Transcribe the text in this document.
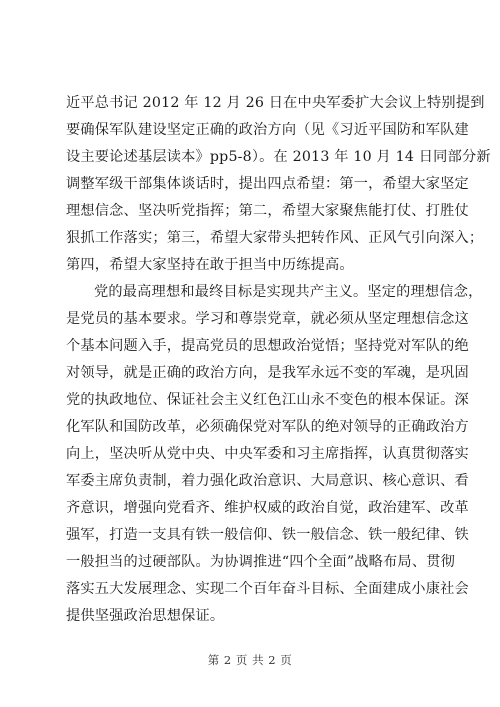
近平总书记 2012 年 12 月 26 日在中央军委扩大会议上特别提到
要确保军队建设坚定正确的政治方向（见《习近平国防和军队建
设主要论述基层读本》pp5-8）。在 2013 年 10 月 14 日同部分新
调整军级干部集体谈话时，提出四点希望：第一，希望大家坚定
理想信念、坚决听党指挥；第二，希望大家聚焦能打仗、打胜仗
狠抓工作落实；第三，希望大家带头把转作风、正风气引向深入；
第四，希望大家坚持在敢于担当中历练提高。
党的最高理想和最终目标是实现共产主义。坚定的理想信念，
是党员的基本要求。学习和尊崇党章，就必须从坚定理想信念这
个基本问题入手，提高党员的思想政治觉悟；坚持党对军队的绝
对领导，就是正确的政治方向，是我军永远不变的军魂，是巩固
党的执政地位、保证社会主义红色江山永不变色的根本保证。深
化军队和国防改革，必须确保党对军队的绝对领导的正确政治方
向上，坚决听从党中央、中央军委和习主席指挥，认真贯彻落实
军委主席负责制，着力强化政治意识、大局意识、核心意识、看
齐意识，增强向党看齐、维护权威的政治自觉，政治建军、改革
强军，打造一支具有铁一般信仰、铁一般信念、铁一般纪律、铁
一般担当的过硬部队。为协调推进“四个全面”战略布局、贯彻
落实五大发展理念、实现二个百年奋斗目标、全面建成小康社会
提供坚强政治思想保证。
第 2 页 共 2 页
